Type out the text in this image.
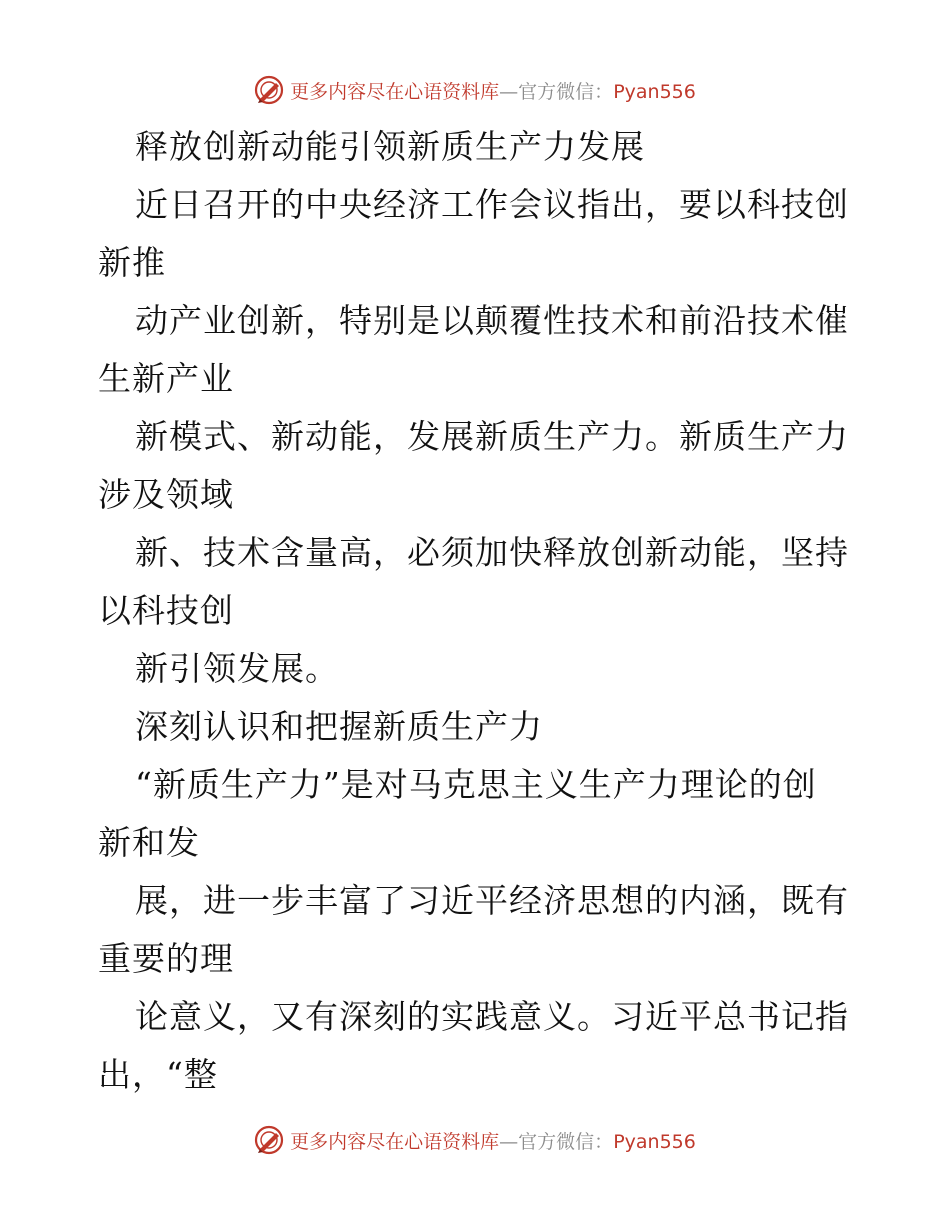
更多内容尽在心语资料库—官方微信：Pyan556
释放创新动能引领新质生产力发展
近日召开的中央经济工作会议指出，要以科技创
新推
动产业创新，特别是以颠覆性技术和前沿技术催
生新产业
新模式、新动能，发展新质生产力。新质生产力
涉及领域
新、技术含量高，必须加快释放创新动能，坚持
以科技创
新引领发展。
深刻认识和把握新质生产力
“新质生产力”是对马克思主义生产力理论的创
新和发
展，进一步丰富了习近平经济思想的内涵，既有
重要的理
论意义，又有深刻的实践意义。习近平总书记指
出，“整
更多内容尽在心语资料库—官方微信：Pyan556
